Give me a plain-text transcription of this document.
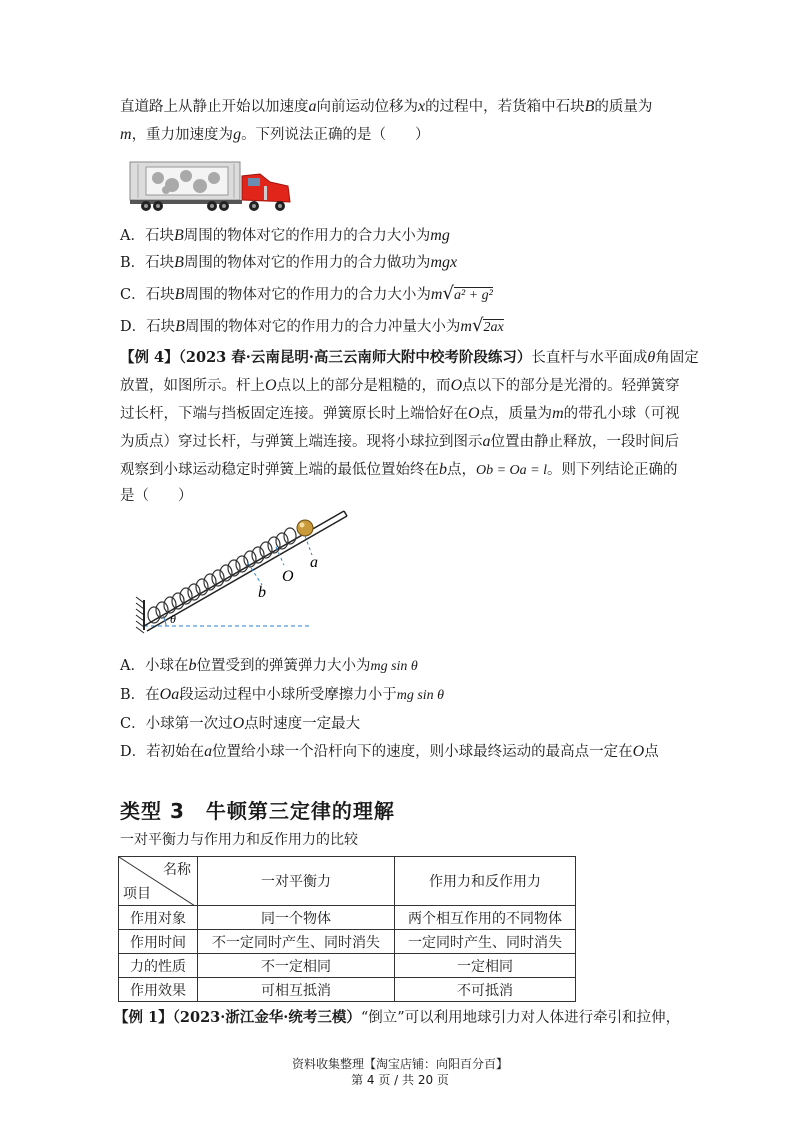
直道路上从静止开始以加速度a向前运动位移为x的过程中，若货箱中石块B的质量为
m，重力加速度为g。下列说法正确的是（　　）
A．石块B周围的物体对它的作用力的合力大小为mg
B．石块B周围的物体对它的作用力的合力做功为mgx
C．石块B周围的物体对它的作用力的合力大小为m√a² + g²
D．石块B周围的物体对它的作用力的合力冲量大小为m√2ax
【例 4】（2023 春·云南昆明·高三云南师大附中校考阶段练习）长直杆与水平面成θ角固定
放置，如图所示。杆上O点以上的部分是粗糙的，而O点以下的部分是光滑的。轻弹簧穿
过长杆，下端与挡板固定连接。弹簧原长时上端恰好在O点，质量为m的带孔小球（可视
为质点）穿过长杆，与弹簧上端连接。现将小球拉到图示a位置由静止释放，一段时间后
观察到小球运动稳定时弹簧上端的最低位置始终在b点，Ob = Oa = l。则下列结论正确的
是（　　）
b
O
a
θ
A．小球在b位置受到的弹簧弹力大小为mg sin θ
B．在Oa段运动过程中小球所受摩擦力小于mg sin θ
C．小球第一次过O点时速度一定最大
D．若初始在a位置给小球一个沿杆向下的速度，则小球最终运动的最高点一定在O点
类型 3　牛顿第三定律的理解
一对平衡力与作用力和反作用力的比较
名称
项目	一对平衡力	作用力和反作用力
作用对象	同一个物体	两个相互作用的不同物体
作用时间	不一定同时产生、同时消失	一定同时产生、同时消失
力的性质	不一定相同	一定相同
作用效果	可相互抵消	不可抵消
【例 1】（2023·浙江金华·统考三模）“倒立”可以利用地球引力对人体进行牵引和拉伸，
资料收集整理【淘宝店铺：向阳百分百】
第 4 页 / 共 20 页
